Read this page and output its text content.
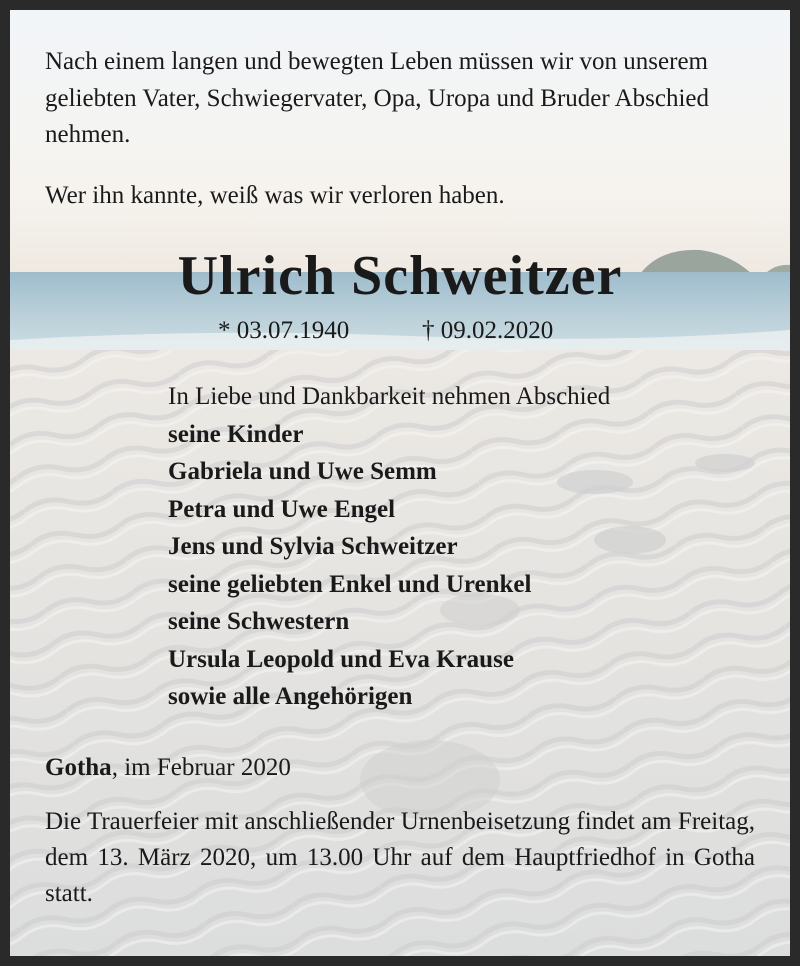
Nach einem langen und bewegten Leben müssen wir von unserem geliebten Vater, Schwiegervater, Opa, Uropa und Bruder Abschied nehmen.

Wer ihn kannte, weiß was wir verloren haben.

Ulrich Schweitzer
* 03.07.1940	† 09.02.2020
In Liebe und Dankbarkeit nehmen Abschied
seine Kinder
Gabriela und Uwe Semm
Petra und Uwe Engel
Jens und Sylvia Schweitzer
seine geliebten Enkel und Urenkel
seine Schwestern
Ursula Leopold und Eva Krause
sowie alle Angehörigen
Gotha, im Februar 2020

Die Trauerfeier mit anschließender Urnenbeisetzung findet am Freitag, dem 13. März 2020, um 13.00 Uhr auf dem Hauptfriedhof in Gotha statt.
